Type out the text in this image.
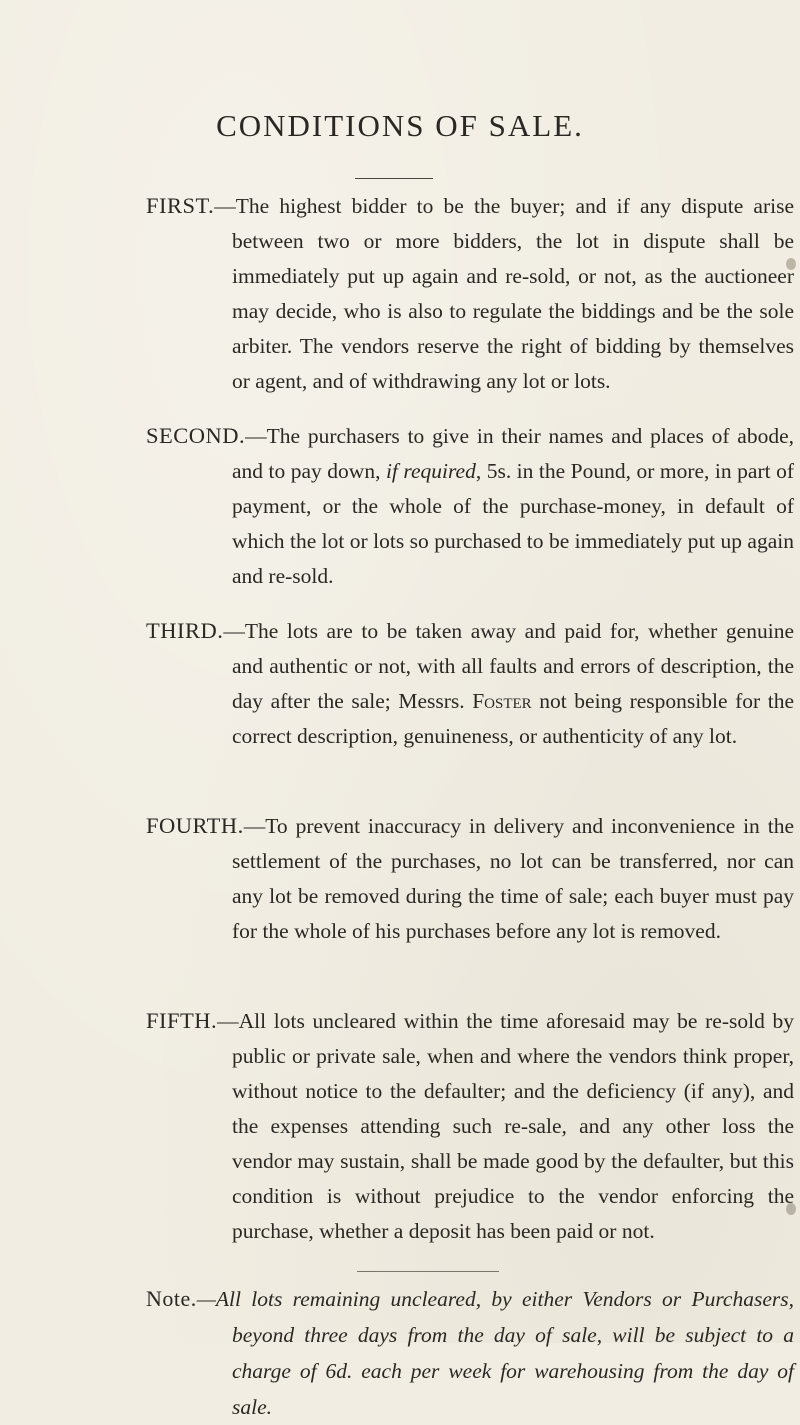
CONDITIONS OF SALE.

FIRST.—The highest bidder to be the buyer; and if any dispute arise between two or more bidders, the lot in dispute shall be immediately put up again and re-sold, or not, as the auctioneer may decide, who is also to regulate the biddings and be the sole arbiter. The vendors reserve the right of bidding by themselves or agent, and of withdrawing any lot or lots.

SECOND.—The purchasers to give in their names and places of abode, and to pay down, if required, 5s. in the Pound, or more, in part of payment, or the whole of the purchase-money, in default of which the lot or lots so purchased to be immediately put up again and re-sold.

THIRD.—The lots are to be taken away and paid for, whether genuine and authentic or not, with all faults and errors of description, the day after the sale; Messrs. Foster not being responsible for the correct description, genuineness, or authenticity of any lot.

FOURTH.—To prevent inaccuracy in delivery and inconvenience in the settlement of the purchases, no lot can be transferred, nor can any lot be removed during the time of sale; each buyer must pay for the whole of his purchases before any lot is removed.

FIFTH.—All lots uncleared within the time aforesaid may be re-sold by public or private sale, when and where the vendors think proper, without notice to the defaulter; and the deficiency (if any), and the expenses attending such re-sale, and any other loss the vendor may sustain, shall be made good by the defaulter, but this condition is without prejudice to the vendor enforcing the purchase, whether a deposit has been paid or not.

Note.—All lots remaining uncleared, by either Vendors or Purchasers, beyond three days from the day of sale, will be subject to a charge of 6d. each per week for warehousing from the day of sale.
